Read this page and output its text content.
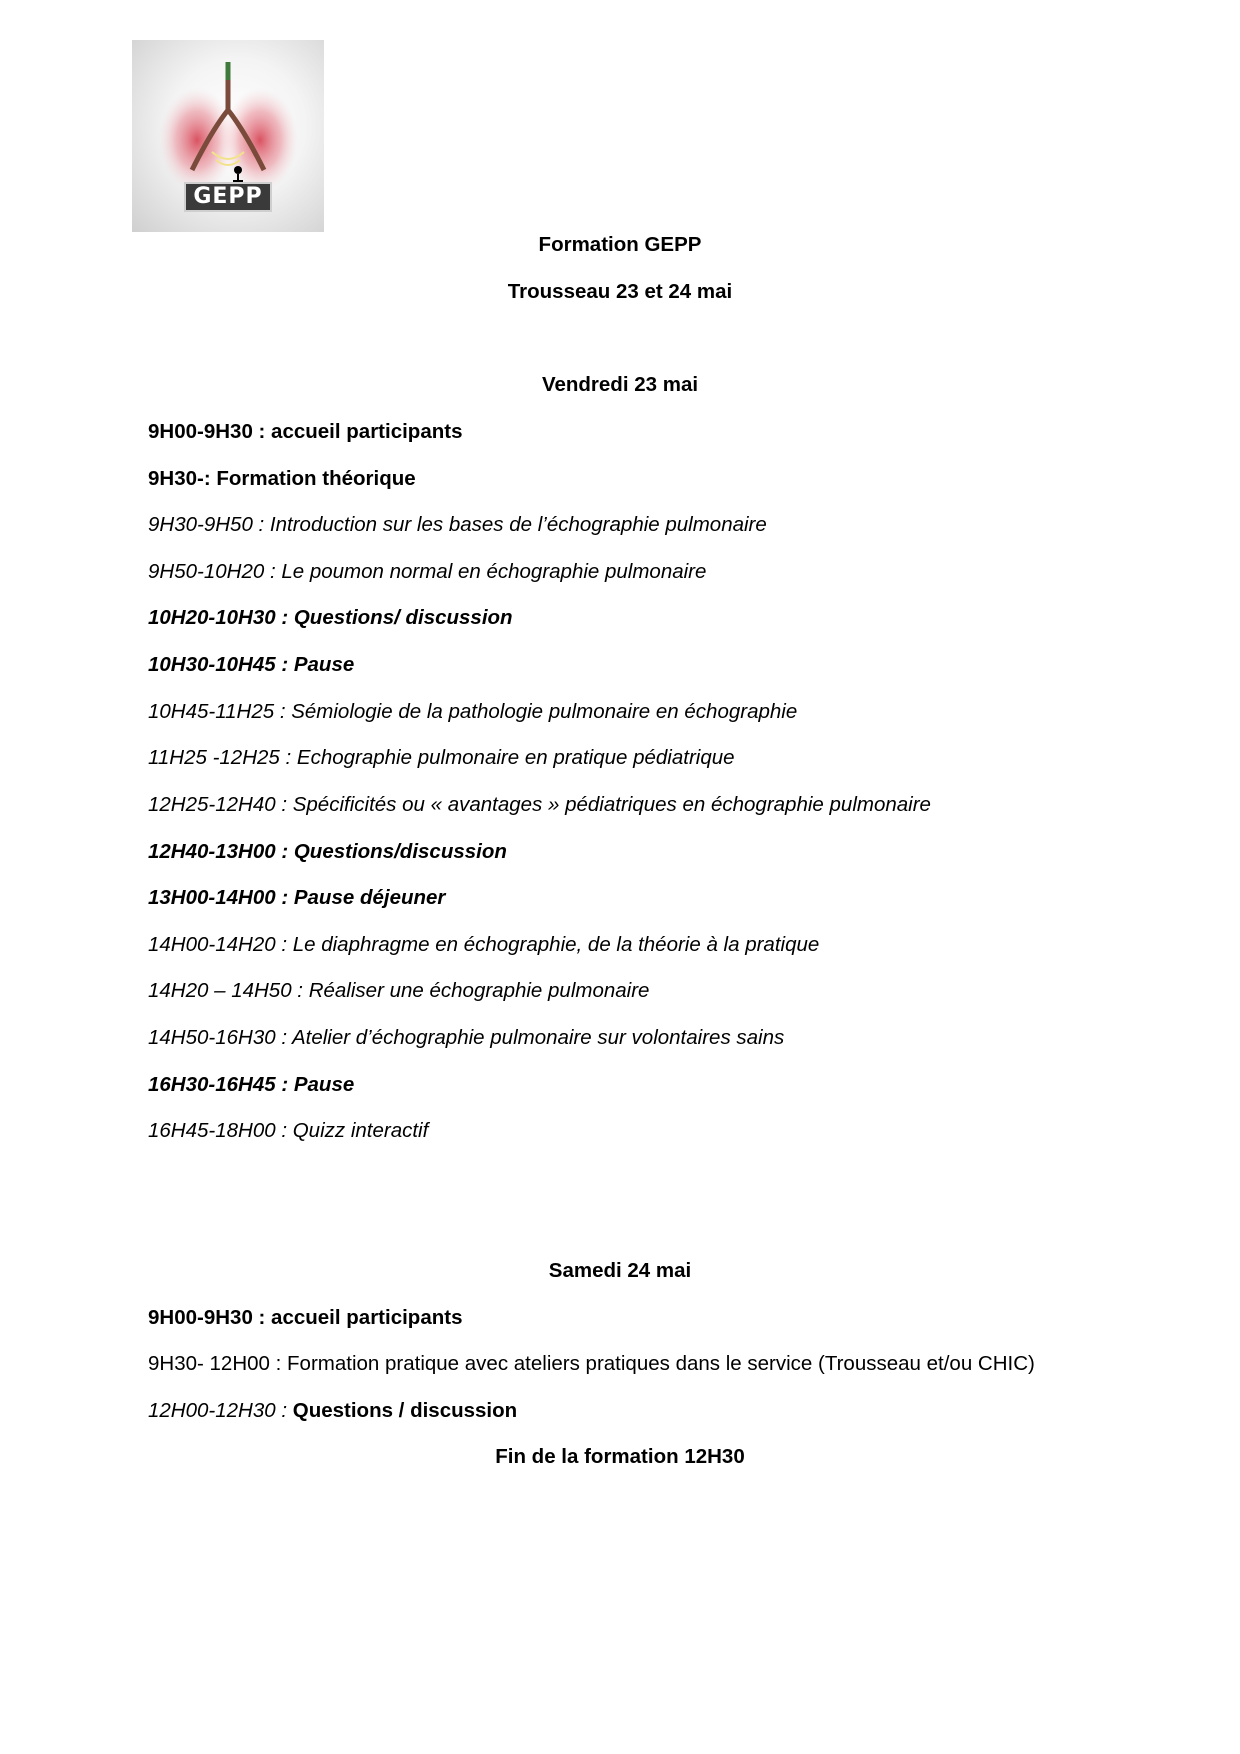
GEPP
Formation GEPP
Trousseau 23 et 24 mai
Vendredi 23 mai
9H00-9H30 : accueil participants
9H30-: Formation théorique
9H30-9H50 : Introduction sur les bases de l’échographie pulmonaire
9H50-10H20 : Le poumon normal en échographie pulmonaire
10H20-10H30 : Questions/ discussion
10H30-10H45 : Pause
10H45-11H25 : Sémiologie de la pathologie pulmonaire en échographie
11H25 -12H25 : Echographie pulmonaire en pratique pédiatrique
12H25-12H40 : Spécificités ou « avantages » pédiatriques en échographie pulmonaire
12H40-13H00 : Questions/discussion
13H00-14H00 : Pause déjeuner
14H00-14H20 : Le diaphragme en échographie, de la théorie à la pratique
14H20 – 14H50 : Réaliser une échographie pulmonaire
14H50-16H30 : Atelier d’échographie pulmonaire sur volontaires sains
16H30-16H45 : Pause
16H45-18H00 : Quizz interactif
Samedi 24 mai
9H00-9H30 : accueil participants
9H30- 12H00 : Formation pratique avec ateliers pratiques dans le service (Trousseau et/ou CHIC)
12H00-12H30 : Questions / discussion
Fin de la formation 12H30
